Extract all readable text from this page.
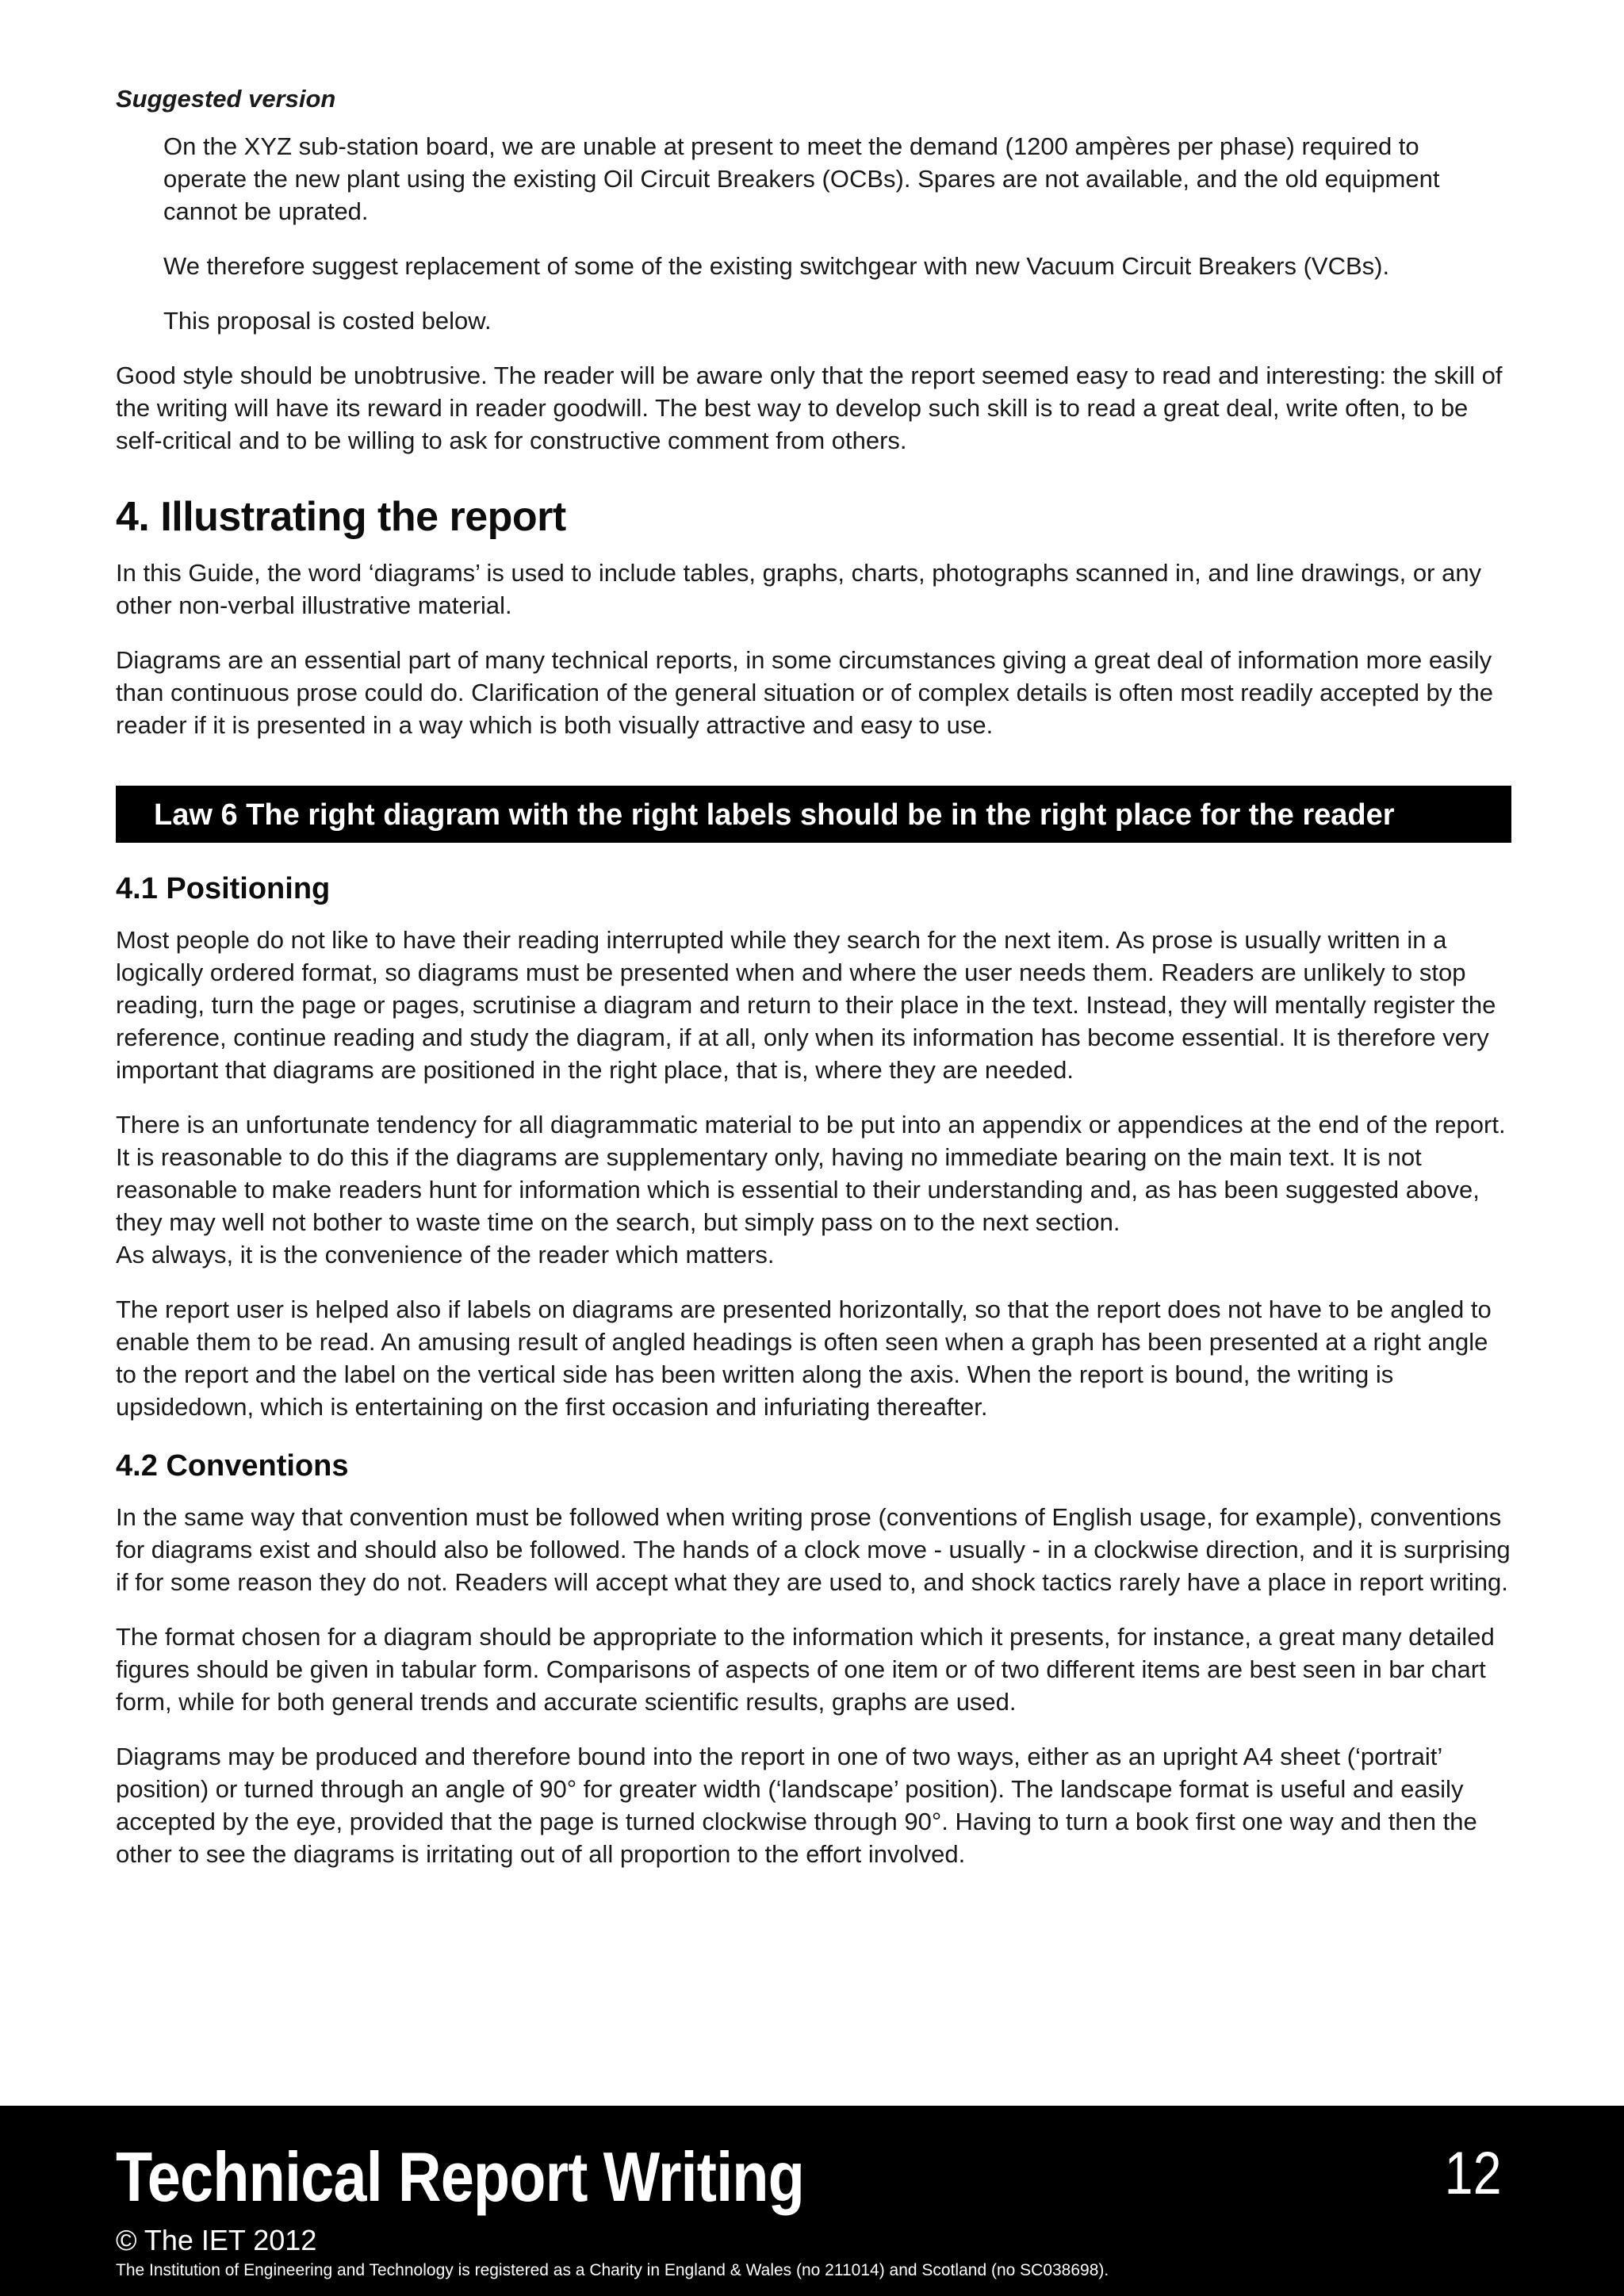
Suggested version

On the XYZ sub-station board, we are unable at present to meet the demand (1200 ampères per phase) required to operate the new plant using the existing Oil Circuit Breakers (OCBs). Spares are not available, and the old equipment cannot be uprated.

We therefore suggest replacement of some of the existing switchgear with new Vacuum Circuit Breakers (VCBs).

This proposal is costed below.

Good style should be unobtrusive. The reader will be aware only that the report seemed easy to read and interesting: the skill of the writing will have its reward in reader goodwill. The best way to develop such skill is to read a great deal, write often, to be self-critical and to be willing to ask for constructive comment from others.

4. Illustrating the report

In this Guide, the word ‘diagrams’ is used to include tables, graphs, charts, photographs scanned in, and line drawings, or any other non-verbal illustrative material.

Diagrams are an essential part of many technical reports, in some circumstances giving a great deal of information more easily than continuous prose could do. Clarification of the general situation or of complex details is often most readily accepted by the reader if it is presented in a way which is both visually attractive and easy to use.

Law 6 The right diagram with the right labels should be in the right place for the reader
4.1 Positioning

Most people do not like to have their reading interrupted while they search for the next item. As prose is usually written in a logically ordered format, so diagrams must be presented when and where the user needs them. Readers are unlikely to stop reading, turn the page or pages, scrutinise a diagram and return to their place in the text. Instead, they will mentally register the reference, continue reading and study the diagram, if at all, only when its information has become essential. It is therefore very important that diagrams are positioned in the right place, that is, where they are needed.

There is an unfortunate tendency for all diagrammatic material to be put into an appendix or appendices at the end of the report. It is reasonable to do this if the diagrams are supplementary only, having no immediate bearing on the main text. It is not reasonable to make readers hunt for information which is essential to their understanding and, as has been suggested above, they may well not bother to waste time on the search, but simply pass on to the next section.

As always, it is the convenience of the reader which matters.

The report user is helped also if labels on diagrams are presented horizontally, so that the report does not have to be angled to enable them to be read. An amusing result of angled headings is often seen when a graph has been presented at a right angle to the report and the label on the vertical side has been written along the axis. When the report is bound, the writing is upsidedown, which is entertaining on the first occasion and infuriating thereafter.

4.2 Conventions

In the same way that convention must be followed when writing prose (conventions of English usage, for example), conventions for diagrams exist and should also be followed. The hands of a clock move - usually - in a clockwise direction, and it is surprising if for some reason they do not. Readers will accept what they are used to, and shock tactics rarely have a place in report writing.

The format chosen for a diagram should be appropriate to the information which it presents, for instance, a great many detailed figures should be given in tabular form. Comparisons of aspects of one item or of two different items are best seen in bar chart form, while for both general trends and accurate scientific results, graphs are used.

Diagrams may be produced and therefore bound into the report in one of two ways, either as an upright A4 sheet (‘portrait’ position) or turned through an angle of 90° for greater width (‘landscape’ position). The landscape format is useful and easily accepted by the eye, provided that the page is turned clockwise through 90°. Having to turn a book first one way and then the other to see the diagrams is irritating out of all proportion to the effort involved.

Technical Report Writing	12
© The IET 2012
The Institution of Engineering and Technology is registered as a Charity in England & Wales (no 211014) and Scotland (no SC038698).
